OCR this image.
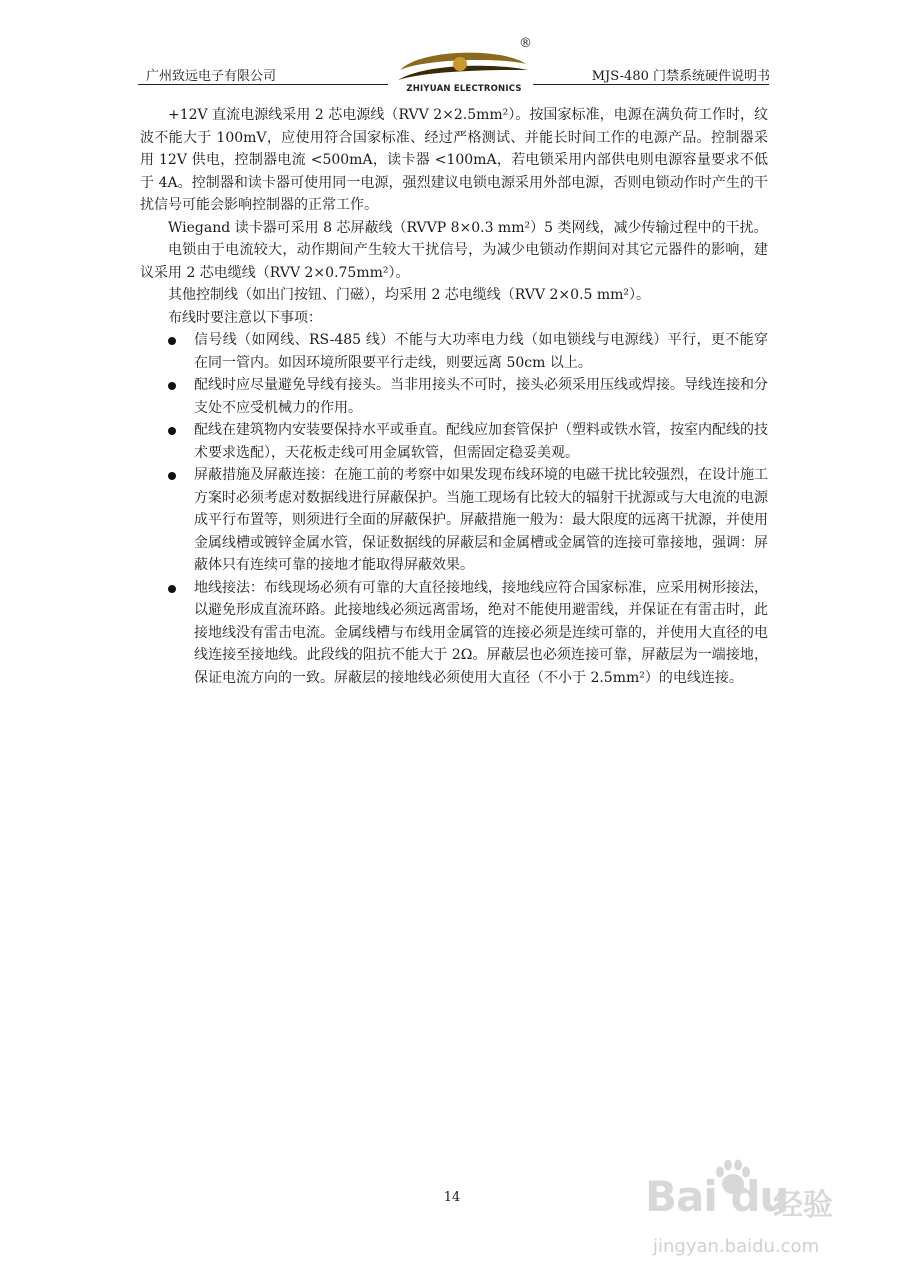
广州致远电子有限公司	MJS-480 门禁系统硬件说明书
®
ZHIYUAN ELECTRONICS

+12V 直流电源线采用 2 芯电源线（RVV 2×2.5mm²）。按国家标准，电源在满负荷工作时，纹波不能大于 100mV，应使用符合国家标准、经过严格测试、并能长时间工作的电源产品。控制器采用 12V 供电，控制器电流 <500mA，读卡器 <100mA，若电锁采用内部供电则电源容量要求不低于 4A。控制器和读卡器可使用同一电源，强烈建议电锁电源采用外部电源，否则电锁动作时产生的干扰信号可能会影响控制器的正常工作。

Wiegand 读卡器可采用 8 芯屏蔽线（RVVP 8×0.3 mm²）5 类网线，减少传输过程中的干扰。

电锁由于电流较大，动作期间产生较大干扰信号，为减少电锁动作期间对其它元器件的影响，建议采用 2 芯电缆线（RVV 2×0.75mm²）。

其他控制线（如出门按钮、门磁），均采用 2 芯电缆线（RVV 2×0.5 mm²）。

布线时要注意以下事项：

信号线（如网线、RS-485 线）不能与大功率电力线（如电锁线与电源线）平行，更不能穿在同一管内。如因环境所限要平行走线，则要远离 50cm 以上。
配线时应尽量避免导线有接头。当非用接头不可时，接头必须采用压线或焊接。导线连接和分支处不应受机械力的作用。
配线在建筑物内安装要保持水平或垂直。配线应加套管保护（塑料或铁水管，按室内配线的技术要求选配），天花板走线可用金属软管，但需固定稳妥美观。
屏蔽措施及屏蔽连接：在施工前的考察中如果发现布线环境的电磁干扰比较强烈，在设计施工方案时必须考虑对数据线进行屏蔽保护。当施工现场有比较大的辐射干扰源或与大电流的电源成平行布置等，则须进行全面的屏蔽保护。屏蔽措施一般为：最大限度的远离干扰源，并使用金属线槽或镀锌金属水管，保证数据线的屏蔽层和金属槽或金属管的连接可靠接地，强调：屏蔽体只有连续可靠的接地才能取得屏蔽效果。
地线接法：布线现场必须有可靠的大直径接地线，接地线应符合国家标准，应采用树形接法，以避免形成直流环路。此接地线必须远离雷场，绝对不能使用避雷线，并保证在有雷击时，此接地线没有雷击电流。金属线槽与布线用金属管的连接必须是连续可靠的，并使用大直径的电线连接至接地线。此段线的阻抗不能大于 2Ω。屏蔽层也必须连接可靠，屏蔽层为一端接地，保证电流方向的一致。屏蔽层的接地线必须使用大直径（不小于 2.5mm²）的电线连接。
14	Bai du
经验
jingyan.baidu.com
